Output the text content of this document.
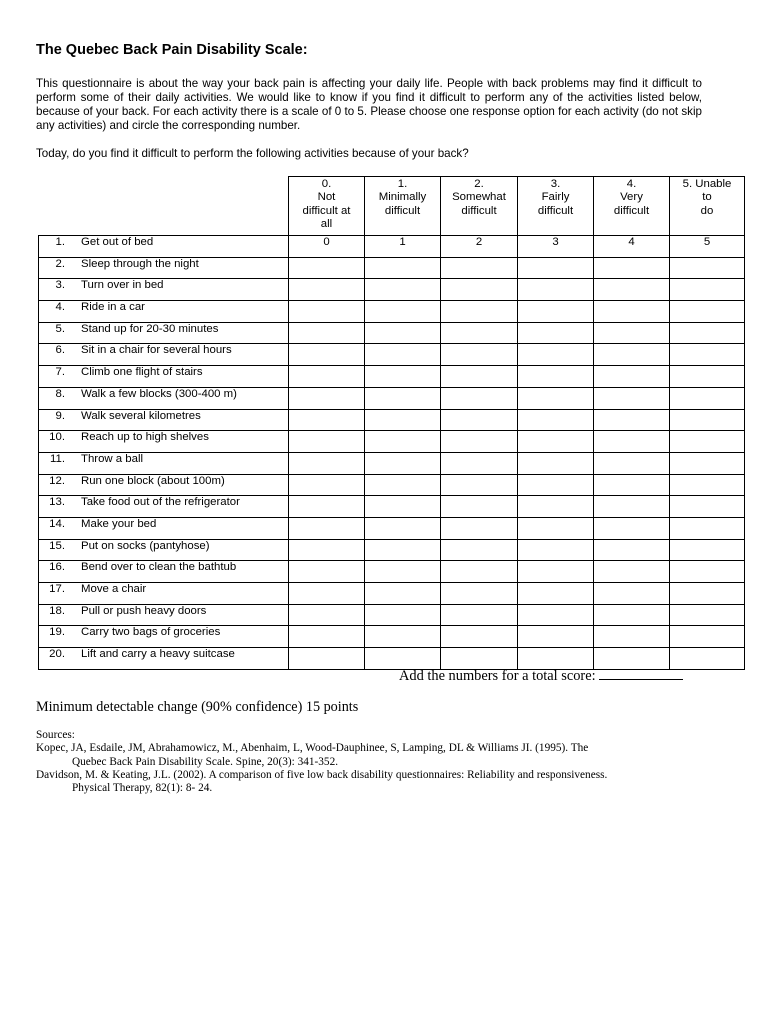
The Quebec Back Pain Disability Scale:

This questionnaire is about the way your back pain is affecting your daily life. People with back problems may find it difficult to perform some of their daily activities. We would like to know if you find it difficult to perform any of the activities listed below, because of your back. For each activity there is a scale of 0 to 5. Please choose one response option for each activity (do not skip any activities) and circle the corresponding number.

Today, do you find it difficult to perform the following activities because of your back?

	0.
Not
difficult at
all	1.
Minimally
difficult	2.
Somewhat
difficult	3.
Fairly
difficult	4.
Very
difficult	5. Unable
to
do

1. Get out of bed	0	1	2	3	4	5

2. Sleep through the night						

3. Turn over in bed						

4. Ride in a car						

5. Stand up for 20-30 minutes						

6. Sit in a chair for several hours						

7. Climb one flight of stairs						

8. Walk a few blocks (300-400 m)						

9. Walk several kilometres						

10. Reach up to high shelves						

11. Throw a ball						

12. Run one block (about 100m)						

13. Take food out of the refrigerator						

14. Make your bed						

15. Put on socks (pantyhose)						

16. Bend over to clean the bathtub						

17. Move a chair						

18. Pull or push heavy doors						

19. Carry two bags of groceries						

20. Lift and carry a heavy suitcase						

Add the numbers for a total score:

Minimum detectable change (90% confidence) 15 points

Sources:
Kopec, JA, Esdaile, JM, Abrahamowicz, M., Abenhaim, L, Wood-Dauphinee, S, Lamping, DL & Williams JI. (1995). The
Quebec Back Pain Disability Scale. Spine, 20(3): 341-352.
Davidson, M. & Keating, J.L. (2002). A comparison of five low back disability questionnaires: Reliability and responsiveness.
Physical Therapy, 82(1): 8- 24.
